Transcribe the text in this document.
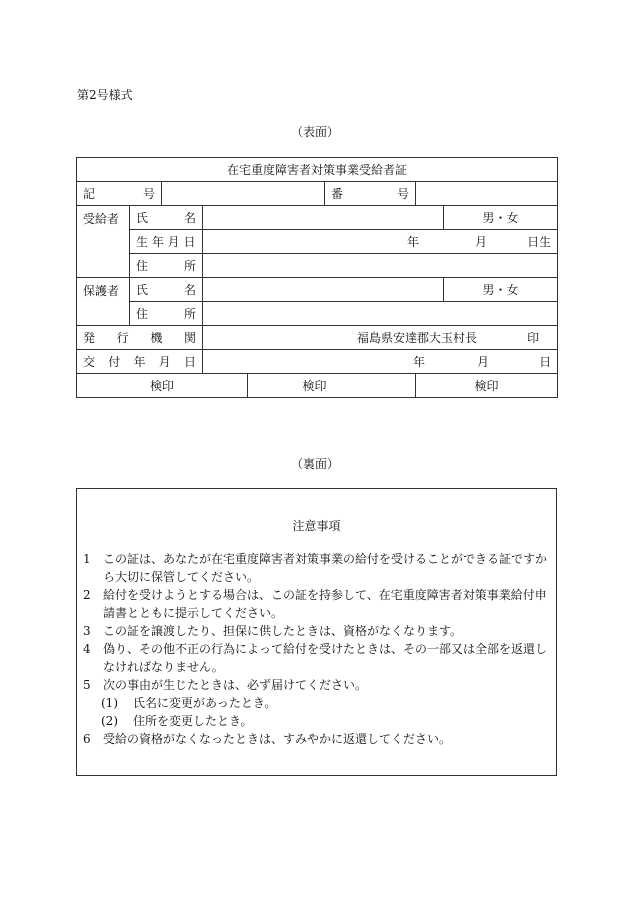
第2号様式
（表面）
在宅重度障害者対策事業受給者証							

記 号					番 号		

受給者	氏 名						男・女
	生 年 月 日		年 月 日生				

	住 所						

保護者	氏 名						男・女

	住 所						

発 行 機 関			福島県安達郡大玉村長 印				

交 付 年 月 日			年 月 日				

検印				検印		検印	
（裏面）
注意事項
1	この証は、あなたが在宅重度障害者対策事業の給付を受けることができる証ですから大切に保管してください。
2	給付を受けようとする場合は、この証を持参して、在宅重度障害者対策事業給付申請書とともに提示してください。
3	この証を譲渡したり、担保に供したときは、資格がなくなります。
4	偽り、その他不正の行為によって給付を受けたときは、その一部又は全部を返還しなければなりません。
5	次の事由が生じたときは、必ず届けてください。
(1)	氏名に変更があったとき。
(2)	住所を変更したとき。
6	受給の資格がなくなったときは、すみやかに返還してください。
